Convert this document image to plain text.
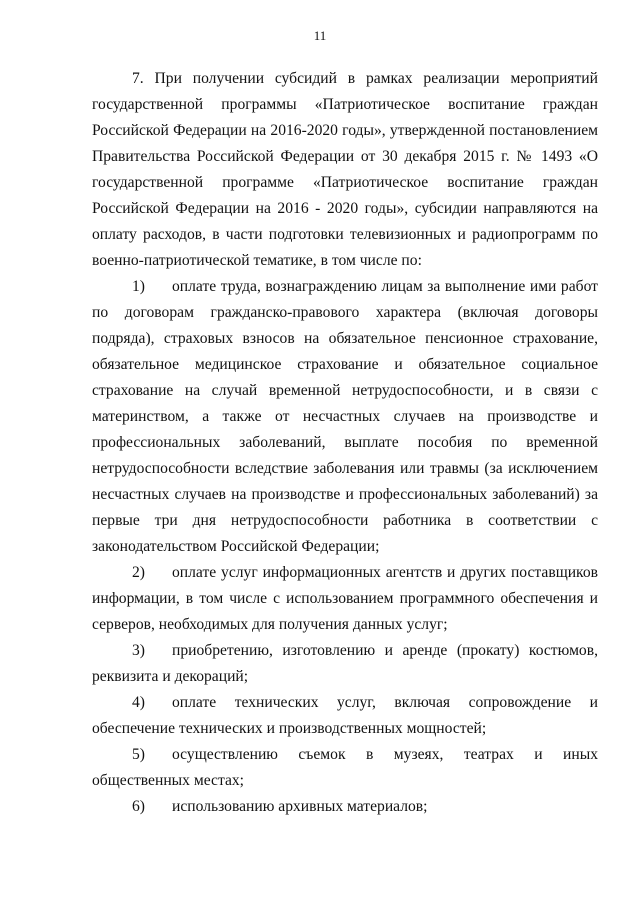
11

7. При получении субсидий в рамках реализации мероприятий государственной программы «Патриотическое воспитание граждан Российской Федерации на 2016-2020 годы», утвержденной постановлением Правительства Российской Федерации от 30 декабря 2015 г. № 1493 «О государственной программе «Патриотическое воспитание граждан Российской Федерации на 2016 - 2020 годы», субсидии направляются на оплату расходов, в части подготовки телевизионных и радиопрограмм по военно-патриотической тематике, в том числе по:

1) оплате труда, вознаграждению лицам за выполнение ими работ по договорам гражданско-правового характера (включая договоры подряда), страховых взносов на обязательное пенсионное страхование, обязательное медицинское страхование и обязательное социальное страхование на случай временной нетрудоспособности, и в связи с материнством, а также от несчастных случаев на производстве и профессиональных заболеваний, выплате пособия по временной нетрудоспособности вследствие заболевания или травмы (за исключением несчастных случаев на производстве и профессиональных заболеваний) за первые три дня нетрудоспособности работника в соответствии с законодательством Российской Федерации;

2) оплате услуг информационных агентств и других поставщиков информации, в том числе с использованием программного обеспечения и серверов, необходимых для получения данных услуг;

3) приобретению, изготовлению и аренде (прокату) костюмов, реквизита и декораций;

4) оплате технических услуг, включая сопровождение и обеспечение технических и производственных мощностей;

5) осуществлению съемок в музеях, театрах и иных общественных местах;

6) использованию архивных материалов;
